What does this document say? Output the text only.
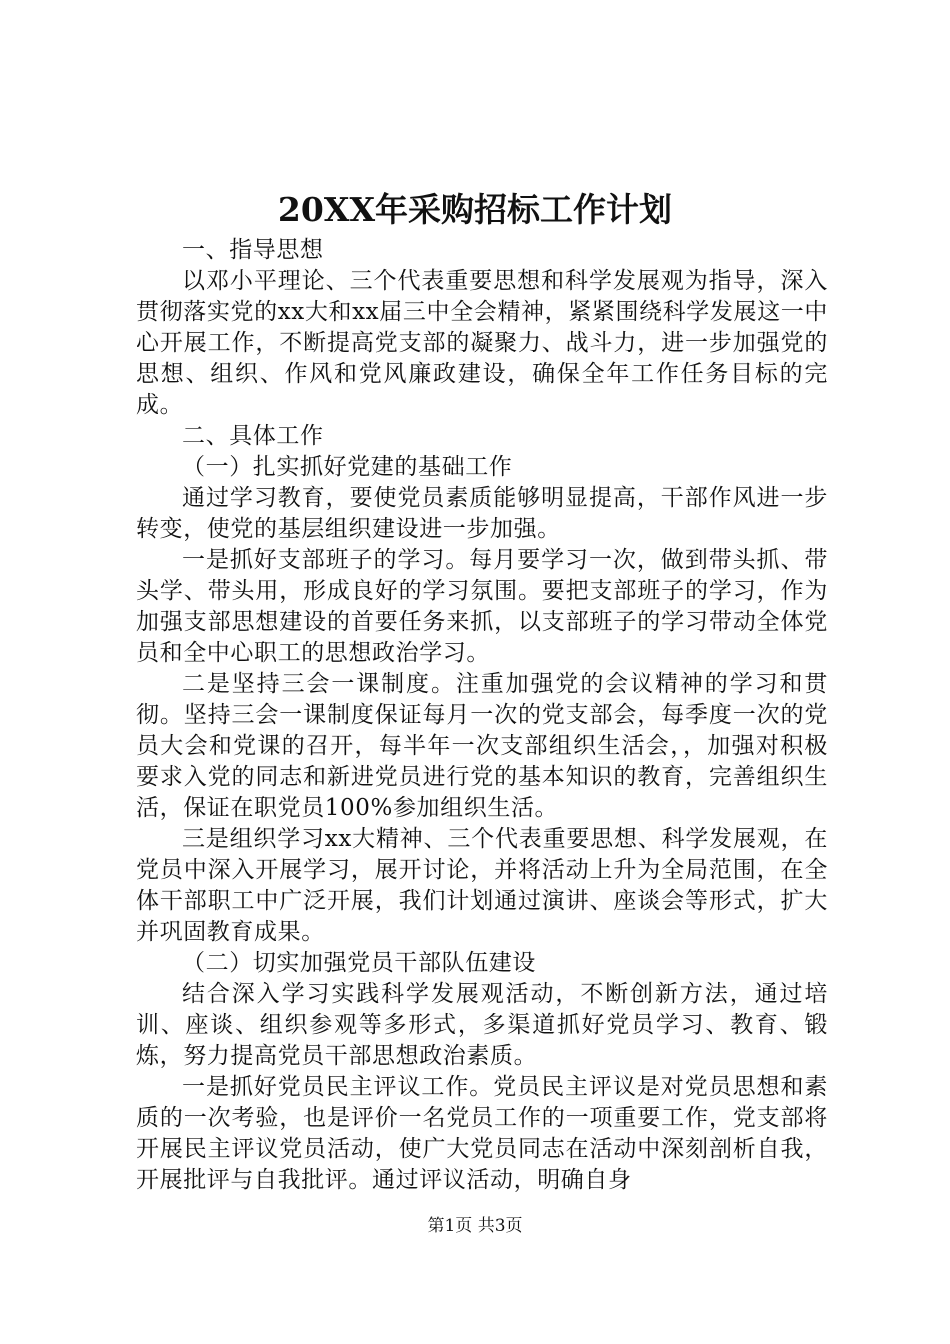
20XX年采购招标工作计划

一、指导思想

以邓小平理论、三个代表重要思想和科学发展观为指导，深入贯彻落实党的xx大和xx届三中全会精神，紧紧围绕科学发展这一中心开展工作，不断提高党支部的凝聚力、战斗力，进一步加强党的思想、组织、作风和党风廉政建设，确保全年工作任务目标的完成。

二、具体工作

（一）扎实抓好党建的基础工作

通过学习教育，要使党员素质能够明显提高，干部作风进一步转变，使党的基层组织建设进一步加强。

一是抓好支部班子的学习。每月要学习一次，做到带头抓、带头学、带头用，形成良好的学习氛围。要把支部班子的学习，作为加强支部思想建设的首要任务来抓，以支部班子的学习带动全体党员和全中心职工的思想政治学习。

二是坚持三会一课制度。注重加强党的会议精神的学习和贯彻。坚持三会一课制度保证每月一次的党支部会，每季度一次的党员大会和党课的召开，每半年一次支部组织生活会，，加强对积极要求入党的同志和新进党员进行党的基本知识的教育，完善组织生活，保证在职党员100%参加组织生活。

三是组织学习xx大精神、三个代表重要思想、科学发展观，在党员中深入开展学习，展开讨论，并将活动上升为全局范围，在全体干部职工中广泛开展，我们计划通过演讲、座谈会等形式，扩大并巩固教育成果。

（二）切实加强党员干部队伍建设

结合深入学习实践科学发展观活动，不断创新方法，通过培训、座谈、组织参观等多形式，多渠道抓好党员学习、教育、锻炼，努力提高党员干部思想政治素质。

一是抓好党员民主评议工作。党员民主评议是对党员思想和素质的一次考验，也是评价一名党员工作的一项重要工作，党支部将开展民主评议党员活动，使广大党员同志在活动中深刻剖析自我，开展批评与自我批评。通过评议活动，明确自身

第1页 共3页
